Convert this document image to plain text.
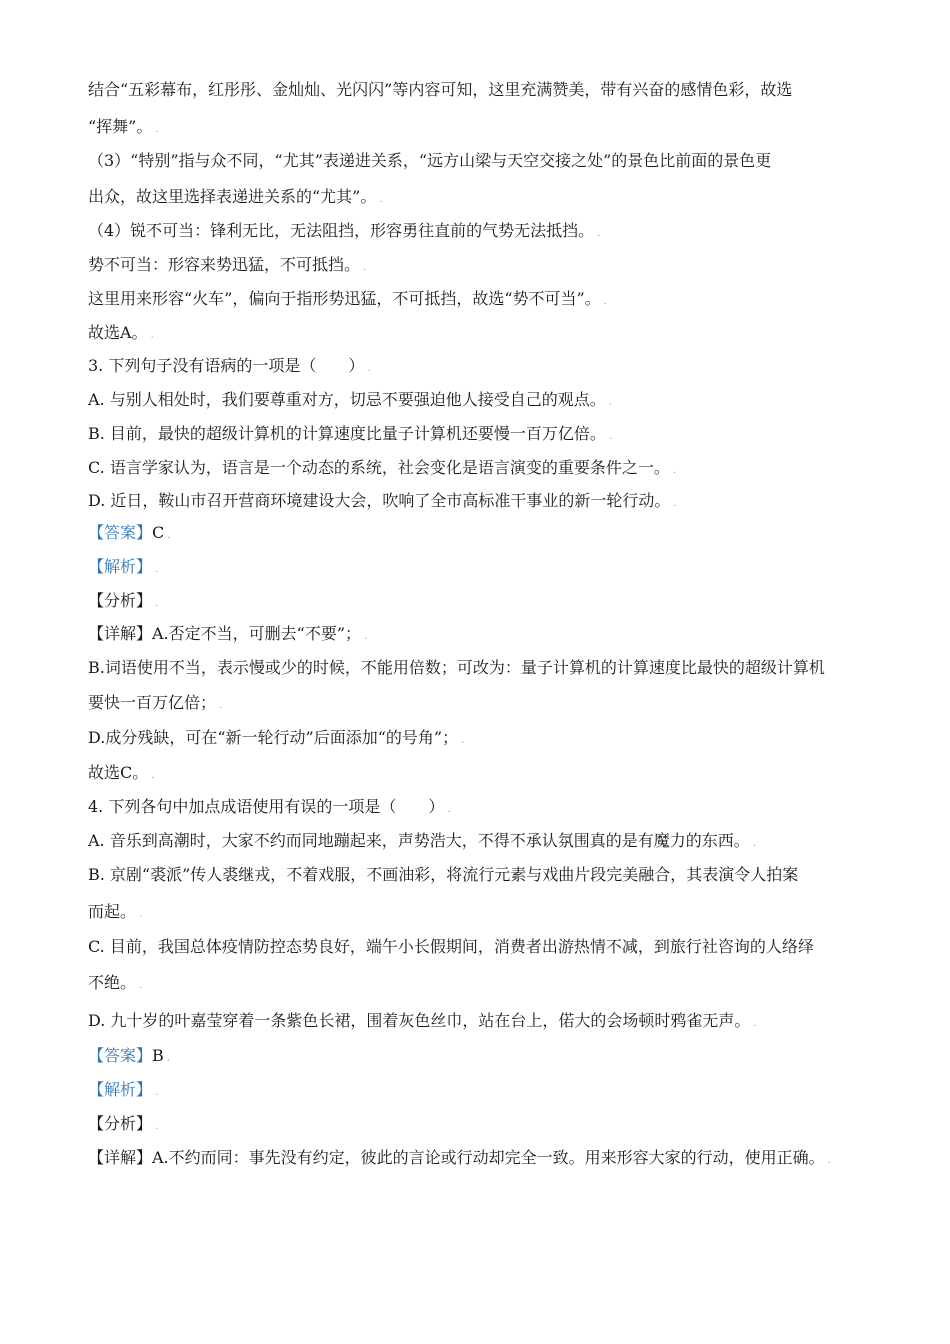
结合“五彩幕布，红彤彤、金灿灿、光闪闪”等内容可知，这里充满赞美，带有兴奋的感情色彩，故选
“挥舞”。 .
（3）“特别”指与众不同，“尤其”表递进关系，“远方山梁与天空交接之处”的景色比前面的景色更
出众，故这里选择表递进关系的“尤其”。 .
（4）锐不可当：锋利无比，无法阻挡，形容勇往直前的气势无法抵挡。 .
势不可当：形容来势迅猛，不可抵挡。 .
这里用来形容“火车”，偏向于指形势迅猛，不可抵挡，故选“势不可当”。 .
故选A。 .
3. 下列句子没有语病的一项是（　　） .
A. 与别人相处时，我们要尊重对方，切忌不要强迫他人接受自己的观点。 .
B. 目前，最快的超级计算机的计算速度比量子计算机还要慢一百万亿倍。 .
C. 语言学家认为，语言是一个动态的系统，社会变化是语言演变的重要条件之一。 .
D. 近日，鞍山市召开营商环境建设大会，吹响了全市高标准干事业的新一轮行动。 .
【答案】C .
【解析】 .
【分析】 .
【详解】A.否定不当，可删去“不要”； .
B.词语使用不当，表示慢或少的时候，不能用倍数；可改为：量子计算机的计算速度比最快的超级计算机
要快一百万亿倍； .
D.成分残缺，可在“新一轮行动”后面添加“的号角”； .
故选C。 .
4. 下列各句中加点成语使用有误的一项是（　　） .
A. 音乐到高潮时，大家不约而同地蹦起来，声势浩大，不得不承认氛围真的是有魔力的东西。 .
B. 京剧“裘派”传人裘继戎，不着戏服，不画油彩，将流行元素与戏曲片段完美融合，其表演令人拍案
而起。 .
C. 目前，我国总体疫情防控态势良好，端午小长假期间，消费者出游热情不减，到旅行社咨询的人络绎
不绝。 .
D. 九十岁的叶嘉莹穿着一条紫色长裙，围着灰色丝巾，站在台上，偌大的会场顿时鸦雀无声。 .
【答案】B .
【解析】 .
【分析】 .
【详解】A.不约而同：事先没有约定，彼此的言论或行动却完全一致。用来形容大家的行动，使用正确。 .
